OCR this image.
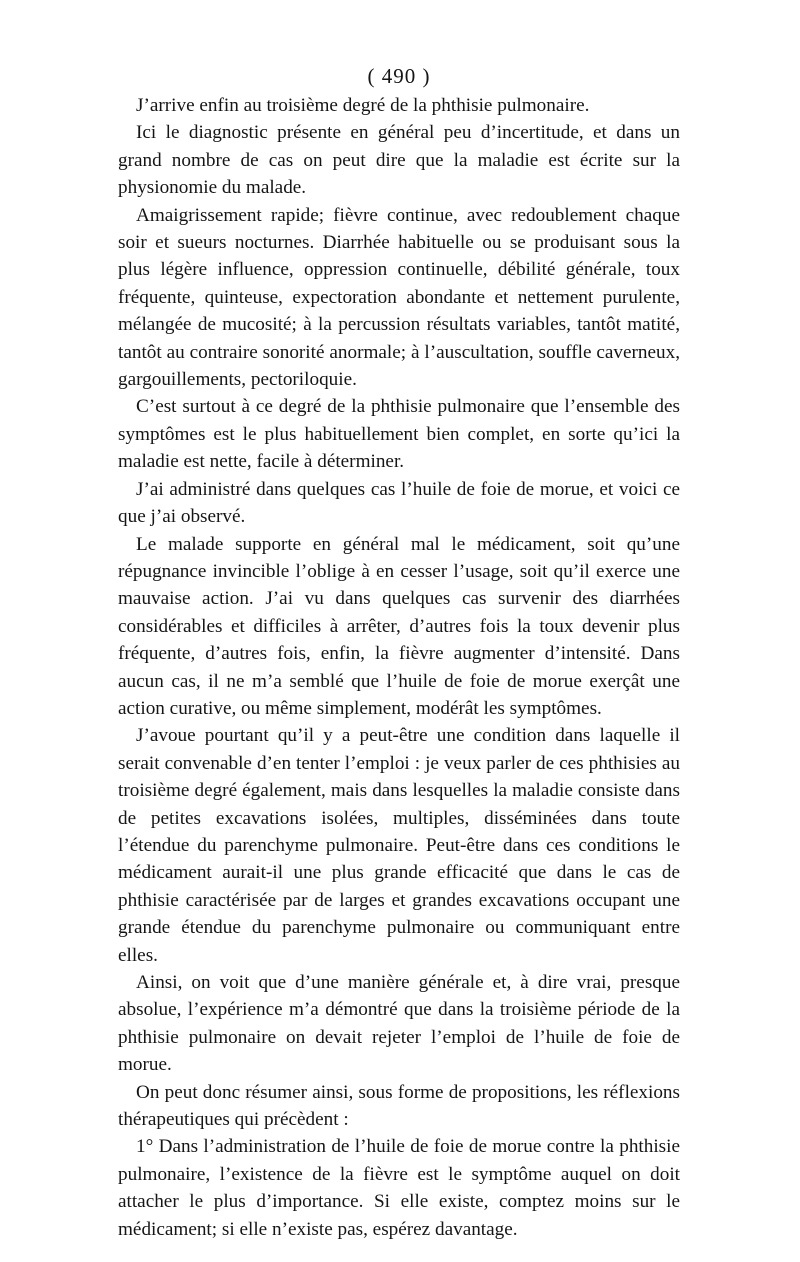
( 490 )

J’arrive enfin au troisième degré de la phthisie pulmonaire.

Ici le diagnostic présente en général peu d’incertitude, et dans un grand nombre de cas on peut dire que la maladie est écrite sur la physionomie du malade.

Amaigrissement rapide; fièvre continue, avec redoublement chaque soir et sueurs nocturnes. Diarrhée habituelle ou se produisant sous la plus légère influence, oppression continuelle, débilité générale, toux fréquente, quinteuse, expectoration abondante et nettement purulente, mélangée de mucosité; à la percussion résultats variables, tantôt matité, tantôt au contraire sonorité anormale; à l’auscultation, souffle caverneux, gargouillements, pectoriloquie.

C’est surtout à ce degré de la phthisie pulmonaire que l’ensemble des symptômes est le plus habituellement bien complet, en sorte qu’ici la maladie est nette, facile à déterminer.

J’ai administré dans quelques cas l’huile de foie de morue, et voici ce que j’ai observé.

Le malade supporte en général mal le médicament, soit qu’une répugnance invincible l’oblige à en cesser l’usage, soit qu’il exerce une mauvaise action. J’ai vu dans quelques cas survenir des diarrhées considérables et difficiles à arrêter, d’autres fois la toux devenir plus fréquente, d’autres fois, enfin, la fièvre augmenter d’intensité. Dans aucun cas, il ne m’a semblé que l’huile de foie de morue exerçât une action curative, ou même simplement, modérât les symptômes.

J’avoue pourtant qu’il y a peut-être une condition dans laquelle il serait convenable d’en tenter l’emploi : je veux parler de ces phthisies au troisième degré également, mais dans lesquelles la maladie consiste dans de petites excavations isolées, multiples, disséminées dans toute l’étendue du parenchyme pulmonaire. Peut-être dans ces conditions le médicament aurait-il une plus grande efficacité que dans le cas de phthisie caractérisée par de larges et grandes excavations occupant une grande étendue du parenchyme pulmonaire ou communiquant entre elles.

Ainsi, on voit que d’une manière générale et, à dire vrai, presque absolue, l’expérience m’a démontré que dans la troisième période de la phthisie pulmonaire on devait rejeter l’emploi de l’huile de foie de morue.

On peut donc résumer ainsi, sous forme de propositions, les réflexions thérapeutiques qui précèdent :

1° Dans l’administration de l’huile de foie de morue contre la phthisie pulmonaire, l’existence de la fièvre est le symptôme auquel on doit attacher le plus d’importance. Si elle existe, comptez moins sur le médicament; si elle n’existe pas, espérez davantage.
